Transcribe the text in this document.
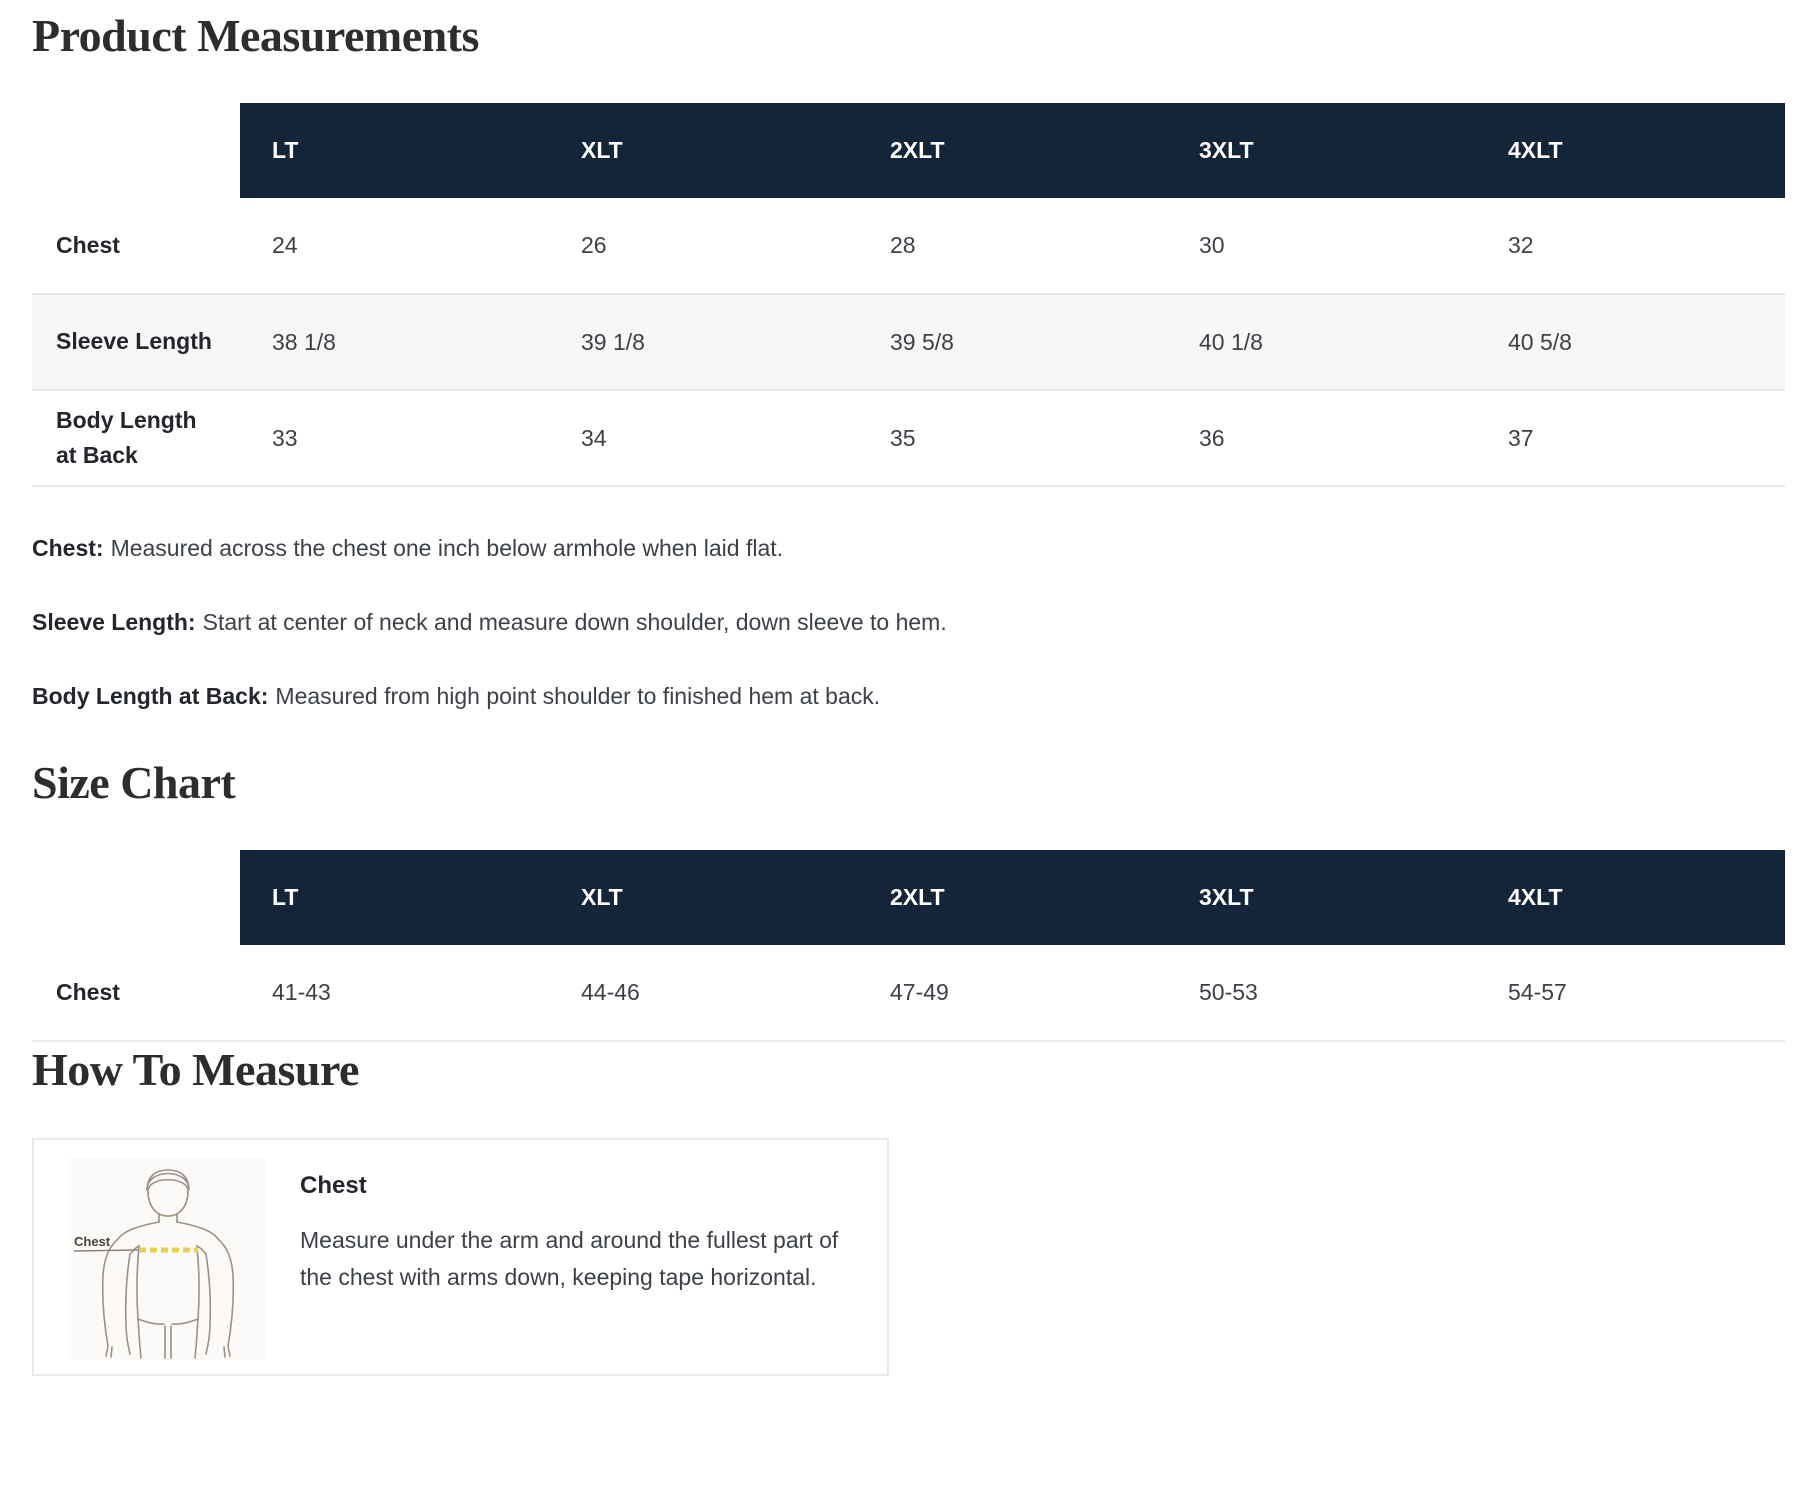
Product Measurements
	LT	XLT	2XLT	3XLT	4XLT
Chest	24	26	28	30	32
Sleeve Length	38 1/8	39 1/8	39 5/8	40 1/8	40 5/8
Body Length at Back	33	34	35	36	37

Chest: Measured across the chest one inch below armhole when laid flat.

Sleeve Length: Start at center of neck and measure down shoulder, down sleeve to hem.

Body Length at Back: Measured from high point shoulder to finished hem at back.

Size Chart
	LT	XLT	2XLT	3XLT	4XLT
Chest	41-43	44-46	47-49	50-53	54-57
How To Measure
Chest

Chest

Measure under the arm and around the fullest part of the chest with arms down, keeping tape horizontal.
